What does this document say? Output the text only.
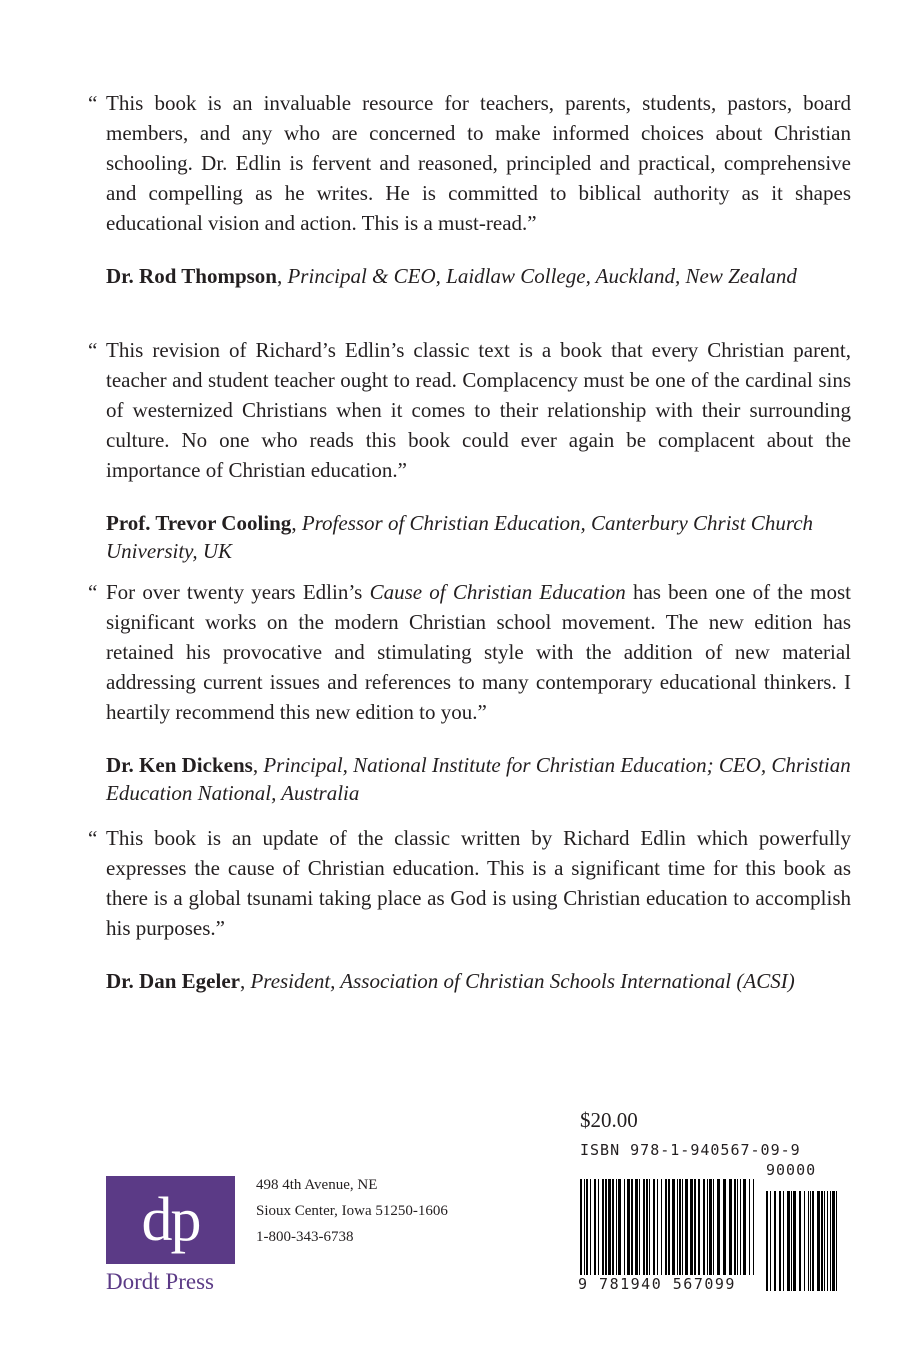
“ This book is an invaluable resource for teachers, parents, students, pastors, board members, and any who are concerned to make informed choices about Christian schooling. Dr. Edlin is fervent and reasoned, principled and practical, comprehensive and compelling as he writes. He is committed to biblical authority as it shapes educational vision and action. This is a must-read.”

Dr. Rod Thompson, Principal & CEO, Laidlaw College, Auckland, New Zealand

“ This revision of Richard’s Edlin’s classic text is a book that every Christian parent, teacher and student teacher ought to read. Complacency must be one of the cardinal sins of westernized Christians when it comes to their relationship with their surrounding culture. No one who reads this book could ever again be complacent about the importance of Christian education.”

Prof. Trevor Cooling, Professor of Christian Education, Canterbury Christ Church University, UK

“ For over twenty years Edlin’s Cause of Christian Education has been one of the most significant works on the modern Christian school movement. The new edition has retained his provocative and stimulating style with the addition of new material addressing current issues and references to many contemporary educational thinkers. I heartily recommend this new edition to you.”

Dr. Ken Dickens, Principal, National Institute for Christian Education; CEO, Christian Education National, Australia

“ This book is an update of the classic written by Richard Edlin which powerfully expresses the cause of Christian education. This is a significant time for this book as there is a global tsunami taking place as God is using Christian education to accomplish his purposes.”

Dr. Dan Egeler, President, Association of Christian Schools International (ACSI)

dp
Dordt Press
498 4th Avenue, NE
Sioux Center, Iowa 51250-1606
1-800-343-6738
$20.00
ISBN 978-1-940567-09-9
90000
9 781940 567099
